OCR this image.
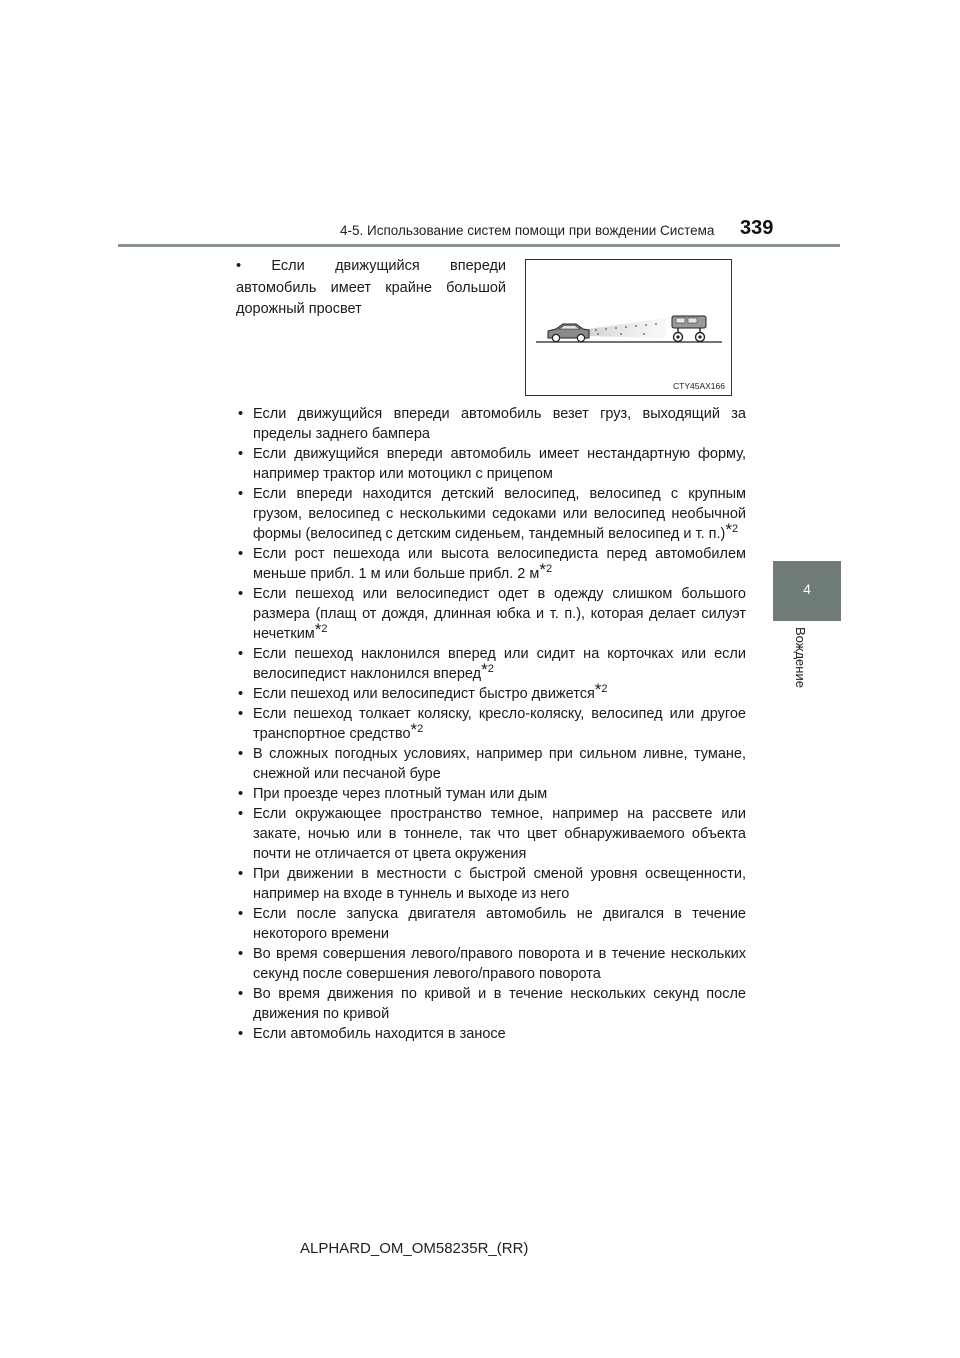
4-5. Использование систем помощи при вождении Система 339
4
Вождение
• Если движущийся впереди автомобиль имеет крайне большой дорожный просвет
CTY45AX166
• Если движущийся впереди автомобиль везет груз, выходящий за пределы заднего бампера
• Если движущийся впереди автомобиль имеет нестандартную форму, например трактор или мотоцикл с прицепом
• Если впереди находится детский велосипед, велосипед с крупным грузом, велосипед с несколькими седоками или велосипед необычной формы (велосипед с детским сиденьем, тандемный велосипед и т. п.)$^{*2}$
• Если рост пешехода или высота велосипедиста перед автомобилем меньше прибл. 1 м или больше прибл. 2 м$^{*2}$
• Если пешеход или велосипедист одет в одежду слишком большого размера (плащ от дождя, длинная юбка и т. п.), которая делает силуэт нечетким$^{*2}$
• Если пешеход наклонился вперед или сидит на корточках или если велосипедист наклонился вперед$^{*2}$
• Если пешеход или велосипедист быстро движется$^{*2}$
• Если пешеход толкает коляску, кресло-коляску, велосипед или другое транспортное средство$^{*2}$
• В сложных погодных условиях, например при сильном ливне, тумане, снежной или песчаной буре
• При проезде через плотный туман или дым
• Если окружающее пространство темное, например на рассвете или закате, ночью или в тоннеле, так что цвет обнаруживаемого объекта почти не отличается от цвета окружения
• При движении в местности с быстрой сменой уровня освещенности, например на входе в туннель и выходе из него
• Если после запуска двигателя автомобиль не двигался в течение некоторого времени
• Во время совершения левого/правого поворота и в течение нескольких секунд после совершения левого/правого поворота
• Во время движения по кривой и в течение нескольких секунд после движения по кривой
• Если автомобиль находится в заносе
ALPHARD_OM_OM58235R_(RR)
